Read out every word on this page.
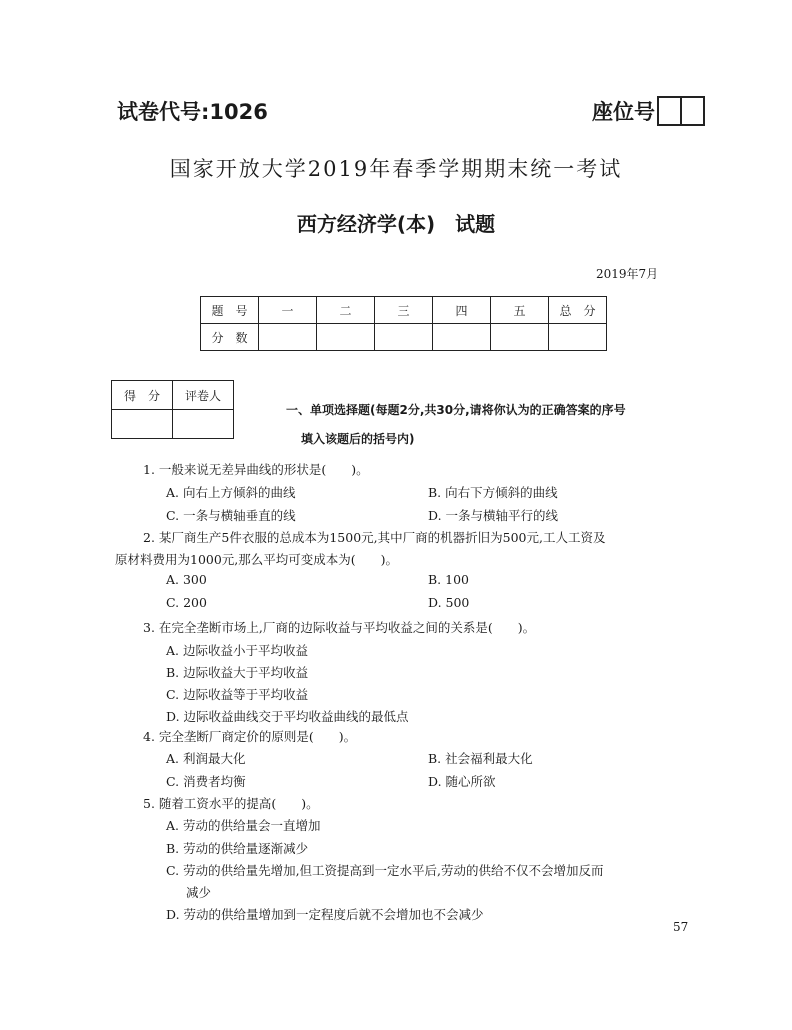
试卷代号:1026	座位号
国家开放大学2019年春季学期期末统一考试
西方经济学(本)　试题
2019年7月
题　号	一	二	三	四	五	总　分
分　数						
得　分	评卷人

一、单项选择题(每题2分,共30分,请将你认为的正确答案的序号
填入该题后的括号内)
1. 一般来说无差异曲线的形状是(　　)。
A. 向右上方倾斜的曲线	B. 向右下方倾斜的曲线
C. 一条与横轴垂直的线	D. 一条与横轴平行的线
2. 某厂商生产5件衣服的总成本为1500元,其中厂商的机器折旧为500元,工人工资及
原材料费用为1000元,那么平均可变成本为(　　)。
A. 300	B. 100
C. 200	D. 500
3. 在完全垄断市场上,厂商的边际收益与平均收益之间的关系是(　　)。
A. 边际收益小于平均收益
B. 边际收益大于平均收益
C. 边际收益等于平均收益
D. 边际收益曲线交于平均收益曲线的最低点
4. 完全垄断厂商定价的原则是(　　)。
A. 利润最大化	B. 社会福利最大化
C. 消费者均衡	D. 随心所欲
5. 随着工资水平的提高(　　)。
A. 劳动的供给量会一直增加
B. 劳动的供给量逐渐减少
C. 劳动的供给量先增加,但工资提高到一定水平后,劳动的供给不仅不会增加反而
减少
D. 劳动的供给量增加到一定程度后就不会增加也不会减少
57
